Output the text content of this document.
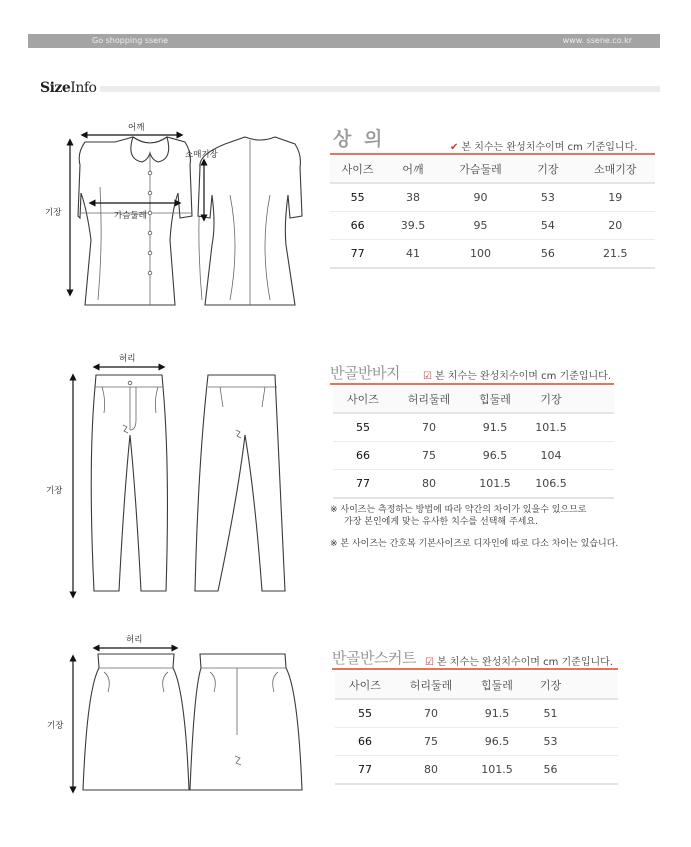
Go shopping ssene	www. ssene.co.kr
SizeInfo
어깨
소매기장
가슴둘레
기장
상 의	✔ 본 치수는 완성치수이며 cm 기준입니다.
사이즈	어깨	가슴둘레	기장	소매기장
55	38	90	53	19
66	39.5	95	54	20
77	41	100	56	21.5
허리
기장
반골반바지 ☑ 본 치수는 완성치수이며 cm 기준입니다.
사이즈	허리둘레	힙둘레	기장	
55	70	91.5	101.5	
66	75	96.5	104	
77	80	101.5	106.5	
※ 사이즈는 측정하는 방법에 따라 약간의 차이가 있을수 있으므로
가장 본인에게 맞는 유사한 치수를 선택해 주세요.
※ 본 사이즈는 간호복 기본사이즈로 디자인에 따로 다소 차이는 있습니다.
허리
기장
반골반스커트 ☑ 본 치수는 완성치수이며 cm 기준입니다.
사이즈	허리둘레	힙둘레	기장	
55	70	91.5	51	
66	75	96.5	53	
77	80	101.5	56	
